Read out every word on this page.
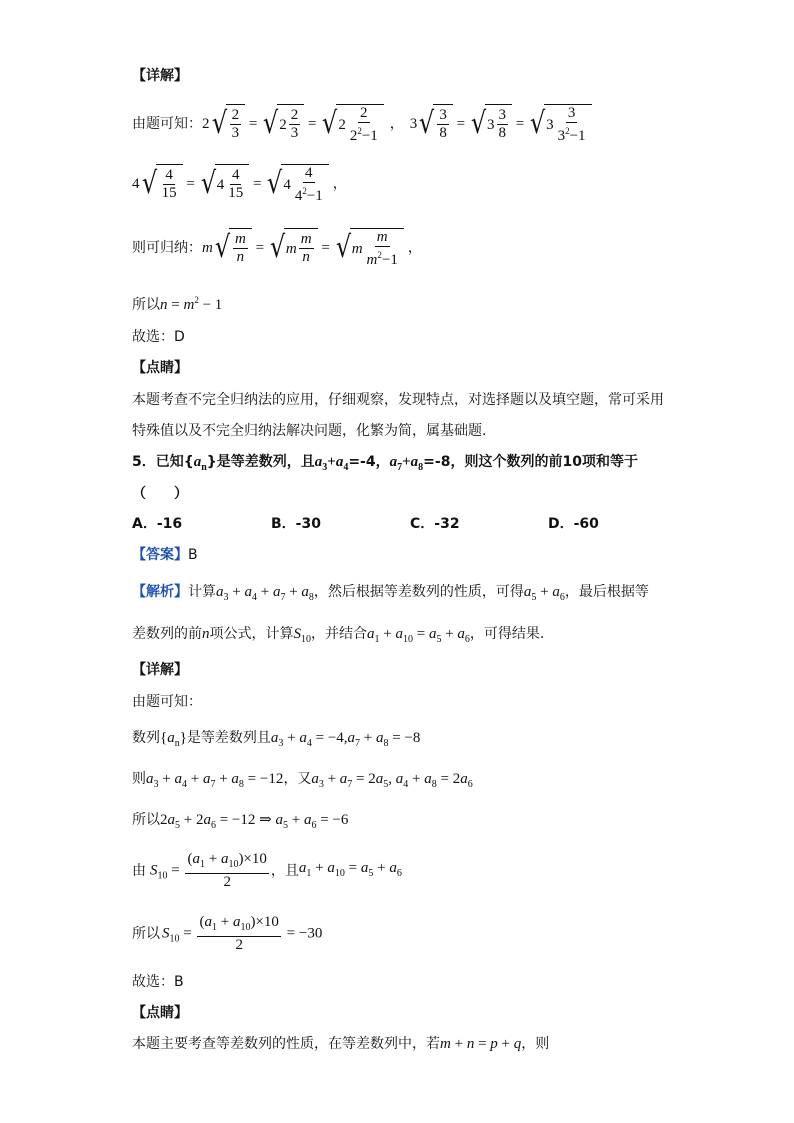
【详解】
由题可知： 2 √ $\frac{2}{3}$ = √ $2 \frac{2}{3}$ = √ $2 \frac{2}{2^2-1}$ ， 3 √ $\frac{3}{8}$ = √ $3 \frac{3}{8}$ = √ $3 \frac{3}{3^2-1}$
4 √ $\frac{4}{15}$ = √ $4 \frac{4}{15}$ = √ $4 \frac{4}{4^2-1}$ ，
则可归纳： m √ $\frac{m}{n}$ = √ m $\frac{m}{n}$ = √ m $\frac{m}{m^2-1}$ ，
所以$n = m^2 - 1$
故选：D
【点睛】
本题考查不完全归纳法的应用，仔细观察，发现特点，对选择题以及填空题，常可采用
特殊值以及不完全归纳法解决问题，化繁为简，属基础题.
5．已知$\{a_n\}$是等差数列，且$a_3+a_4=-4$，$a_7+a_8=-8$，则这个数列的前10项和等于
（　　）
A．-16	B．-30	C．-32	D．-60
【答案】B
【解析】计算$a_3 + a_4 + a_7 + a_8$，然后根据等差数列的性质，可得$a_5 + a_6$，最后根据等
差数列的前n项公式，计算$S_{10}$，并结合$a_1 + a_{10} = a_5 + a_6$，可得结果.
【详解】
由题可知：
数列$\{a_n\}$是等差数列且$a_3 + a_4 = -4,a_7 + a_8 = -8$
则$a_3 + a_4 + a_7 + a_8 = -12$，又$a_3 + a_7 = 2a_5$, $a_4 + a_8 = 2a_6$
所以$2a_5 + 2a_6 = -12$ ⇒ $a_5 + a_6 = -6$
由 $S_{10} = \frac{(a_1 + a_{10})\times 10}{2}$ ，且 $a_1 + a_{10} = a_5 + a_6$
所以 $S_{10} = \frac{(a_1 + a_{10})\times 10}{2} = -30$
故选：B
【点睛】
本题主要考查等差数列的性质，在等差数列中，若m + n = p + q，则
